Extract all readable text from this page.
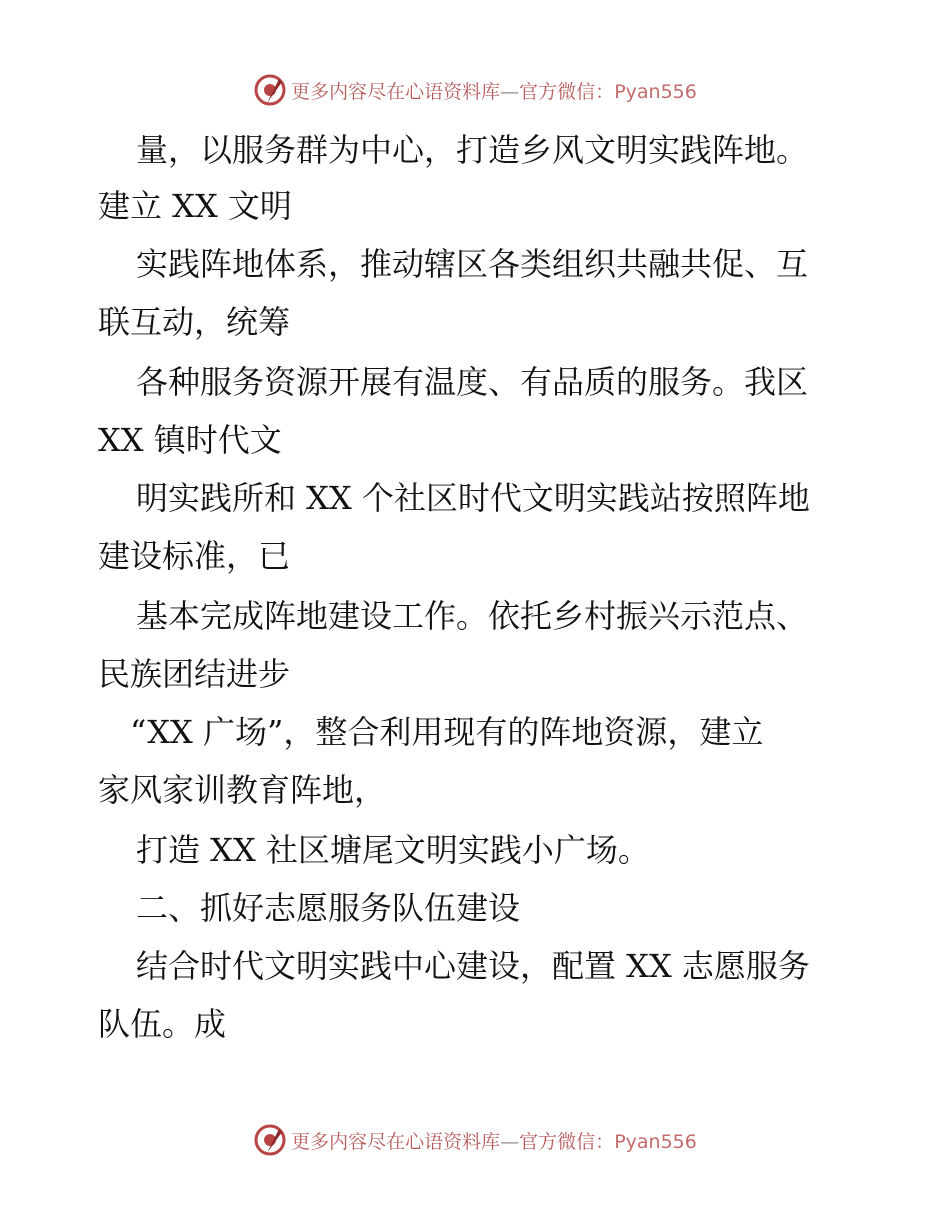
更多内容尽在心语资料库—官方微信：Pyan556
量，以服务群为中心，打造乡风文明实践阵地。
建立 XX 文明
实践阵地体系，推动辖区各类组织共融共促、互
联互动，统筹
各种服务资源开展有温度、有品质的服务。我区
XX 镇时代文
明实践所和 XX 个社区时代文明实践站按照阵地
建设标准，已
基本完成阵地建设工作。依托乡村振兴示范点、
民族团结进步
“XX 广场”，整合利用现有的阵地资源，建立
家风家训教育阵地，
打造 XX 社区塘尾文明实践小广场。
二、抓好志愿服务队伍建设
结合时代文明实践中心建设，配置 XX 志愿服务
队伍。成
更多内容尽在心语资料库—官方微信：Pyan556
